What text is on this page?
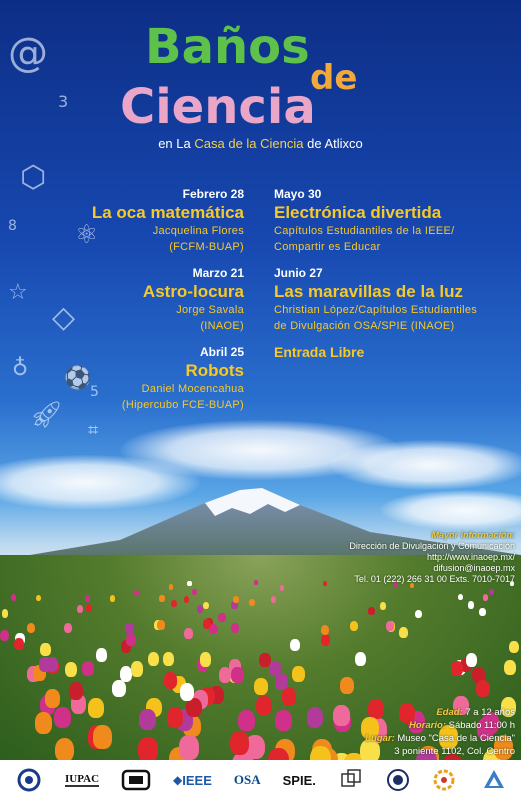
@
3
⬡
8 ⚛
☆
♁
◇
⚽
🚀︎
5
⌗
Baños
de
Ciencia
en La Casa de la Ciencia de Atlixco
Febrero 28
La oca matemática
Jacquelina Flores
(FCFM-BUAP)
Marzo 21
Astro-locura
Jorge Savala
(INAOE)
Abril 25
Robots
Daniel Mocencahua
(Hipercubo FCE-BUAP)
Mayo 30
Electrónica divertida
Capítulos Estudiantiles de la IEEE/
Compartir es Educar
Junio 27
Las maravillas de la luz
Christian López/Capítulos Estudiantiles
de Divulgación OSA/SPIE (INAOE)
Entrada Libre
Mayor información:
Dirección de Divulgación y Comunicación
http://www.inaoep.mx/
difusion@inaoep.mx
Tel. 01 (222) 266 31 00 Exts. 7010-7017
Edad: 7 a 12 años
Horario: Sábado 11:00 h
Lugar: Museo "Casa de la Ciencia"
3 poniente 1102, Col. Centro
IUPAC	◆ IEEE OSA SPIE.
